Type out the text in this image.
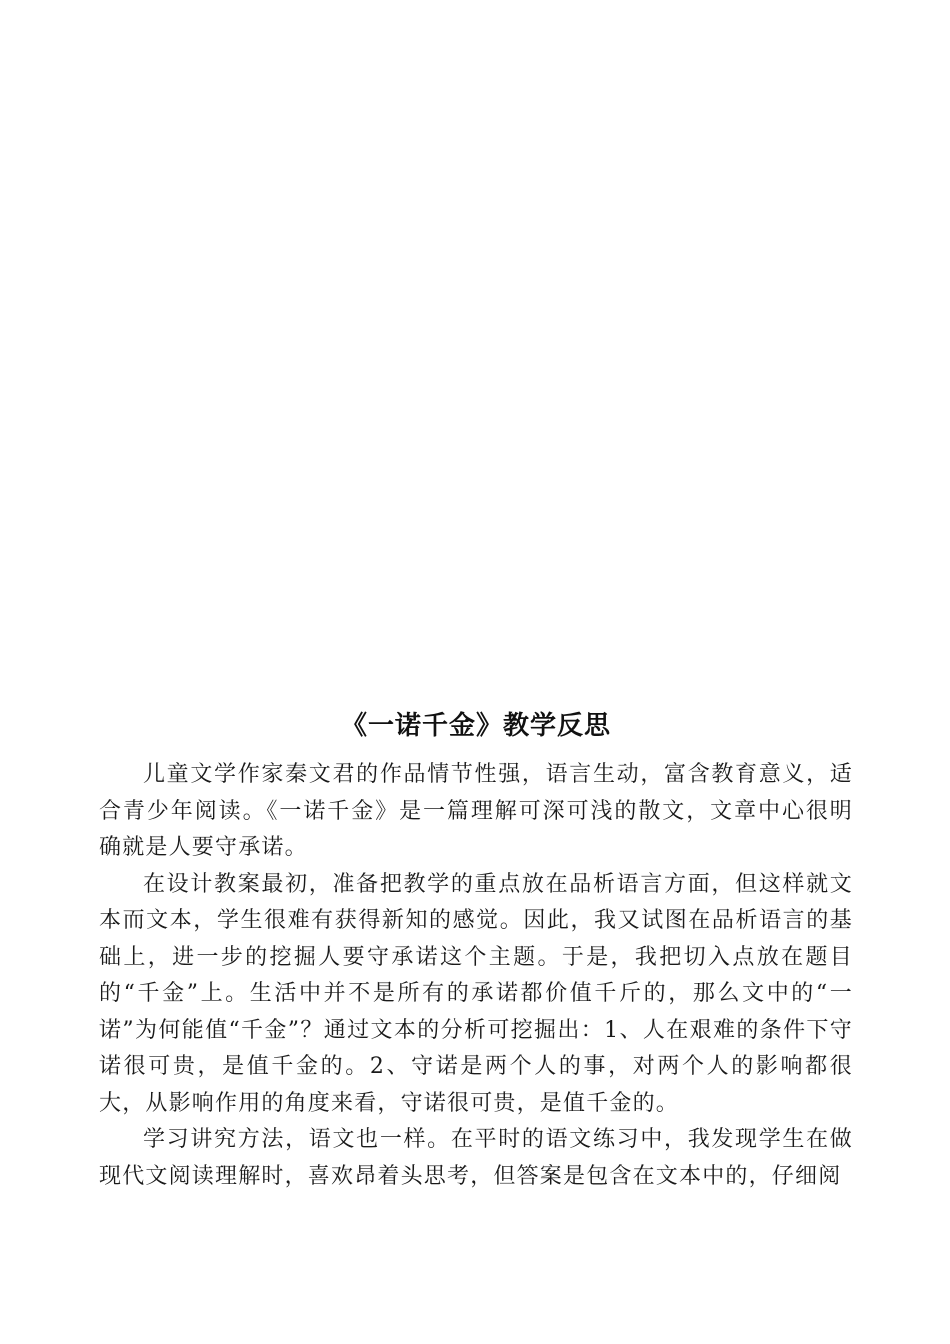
《一诺千金》教学反思

儿童文学作家秦文君的作品情节性强，语言生动，富含教育意义，适合青少年阅读。《一诺千金》是一篇理解可深可浅的散文，文章中心很明确就是人要守承诺。

在设计教案最初，准备把教学的重点放在品析语言方面，但这样就文本而文本，学生很难有获得新知的感觉。因此，我又试图在品析语言的基础上，进一步的挖掘人要守承诺这个主题。于是，我把切入点放在题目的“千金”上。生活中并不是所有的承诺都价值千斤的，那么文中的“一诺”为何能值“千金”？通过文本的分析可挖掘出：1、人在艰难的条件下守诺很可贵，是值千金的。2、守诺是两个人的事，对两个人的影响都很大，从影响作用的角度来看，守诺很可贵，是值千金的。

学习讲究方法，语文也一样。在平时的语文练习中，我发现学生在做现代文阅读理解时，喜欢昂着头思考，但答案是包含在文本中的，仔细阅
